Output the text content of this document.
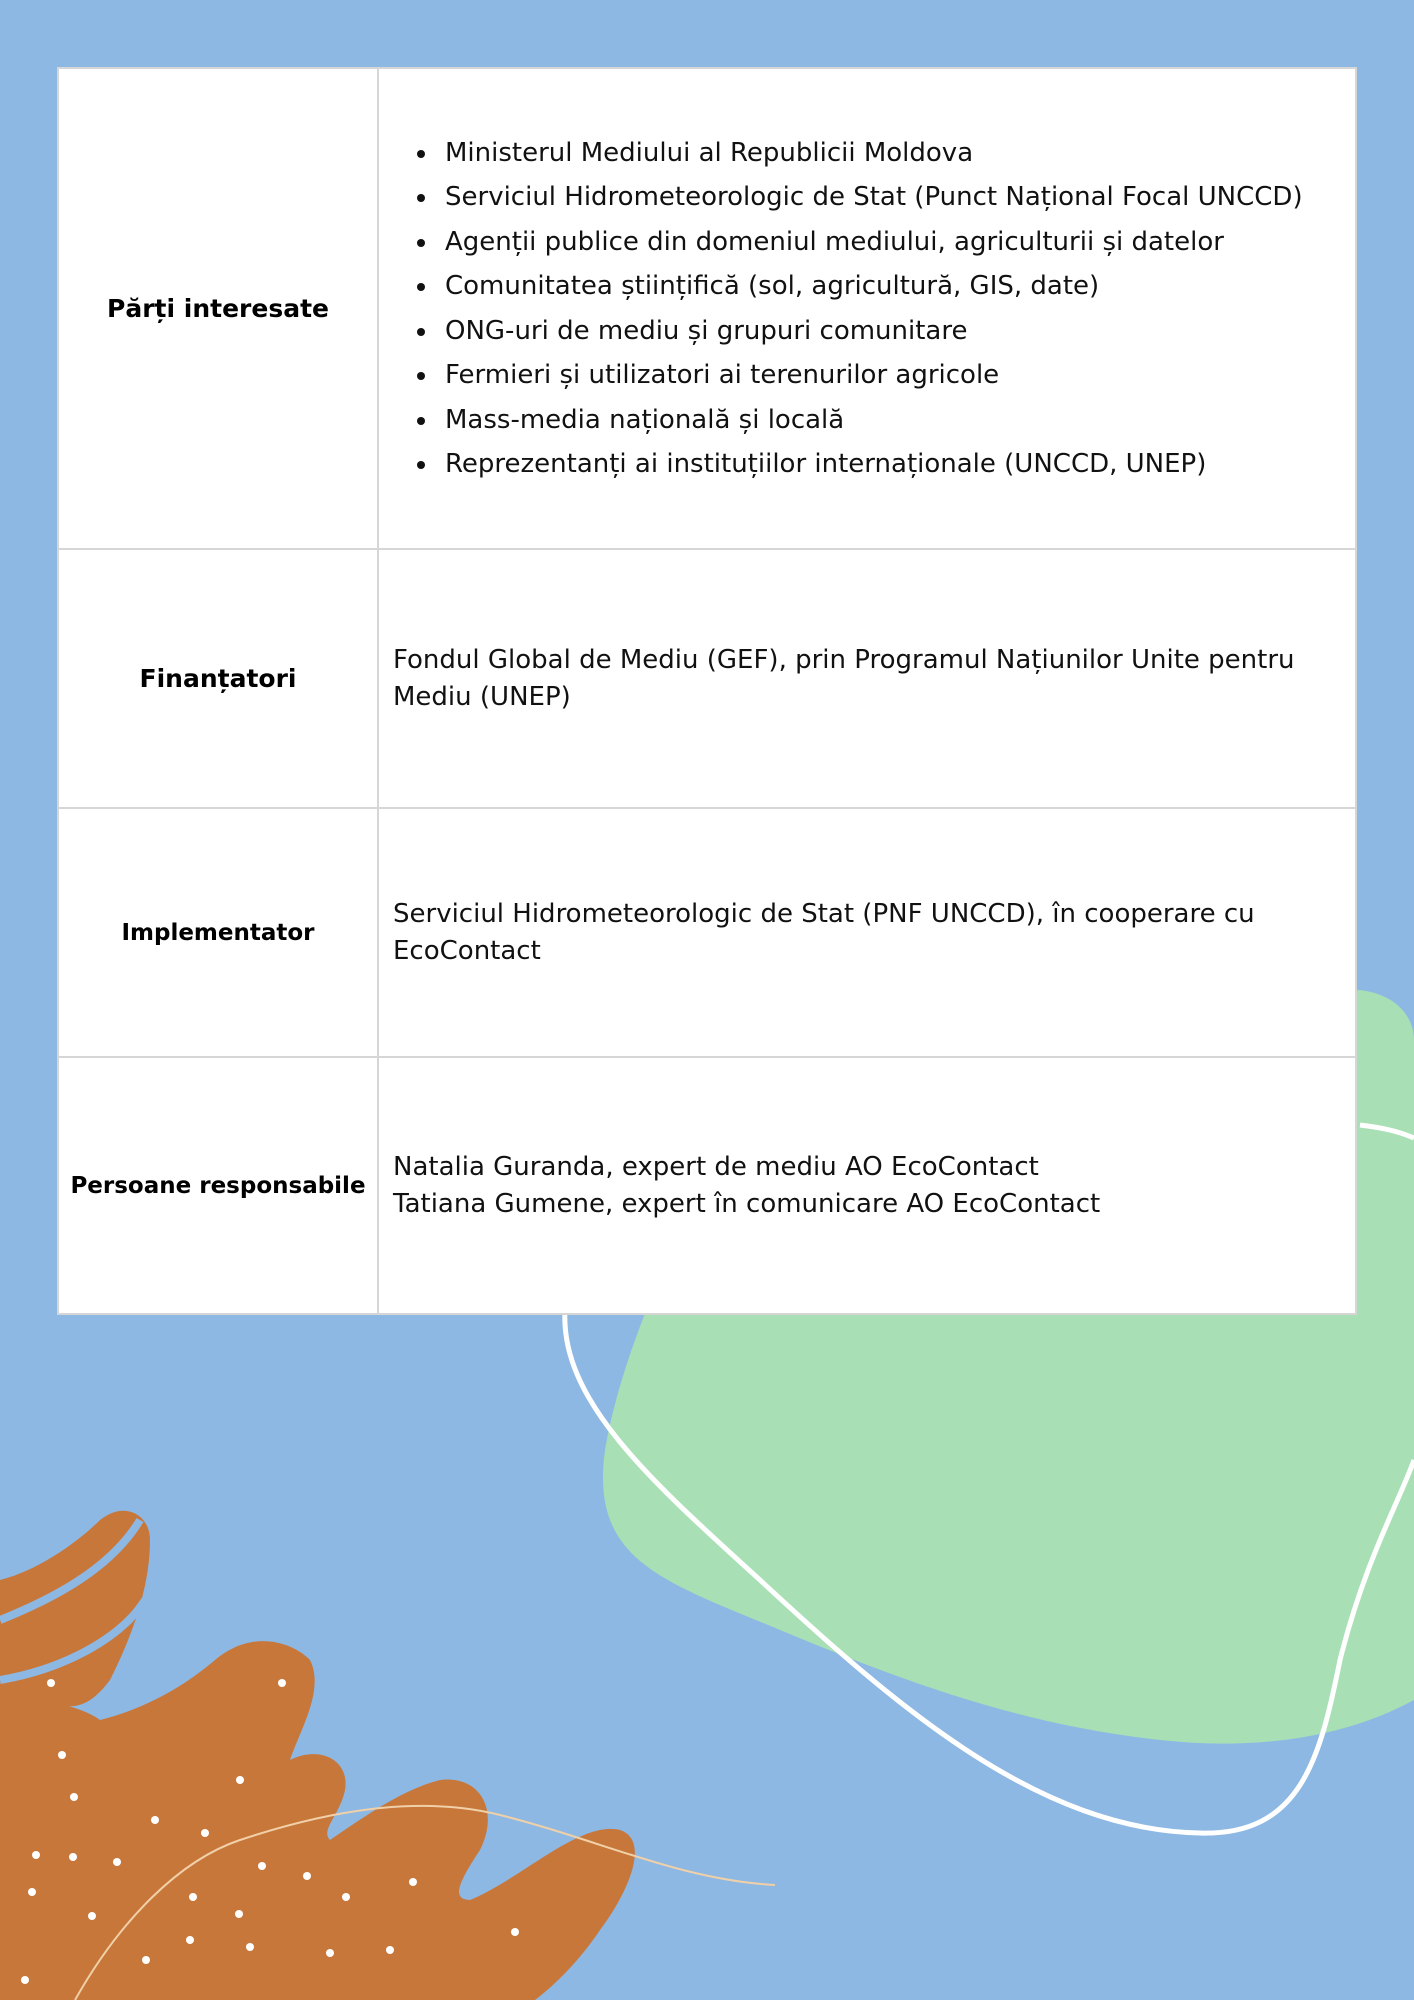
Părți interesate
• Ministerul Mediului al Republicii Moldova
• Serviciul Hidrometeorologic de Stat (Punct Național Focal UNCCD)
• Agenții publice din domeniul mediului, agriculturii și datelor
• Comunitatea științifică (sol, agricultură, GIS, date)
• ONG-uri de mediu și grupuri comunitare
• Fermieri și utilizatori ai terenurilor agricole
• Mass-media națională și locală
• Reprezentanți ai instituțiilor internaționale (UNCCD, UNEP)
Finanțatori

Fondul Global de Mediu (GEF), prin Programul Națiunilor Unite pentru Mediu (UNEP)

Implementator

Serviciul Hidrometeorologic de Stat (PNF UNCCD), în cooperare cu EcoContact

Persoane responsabile
Natalia Guranda, expert de mediu AO EcoContact
Tatiana Gumene, expert în comunicare AO EcoContact
